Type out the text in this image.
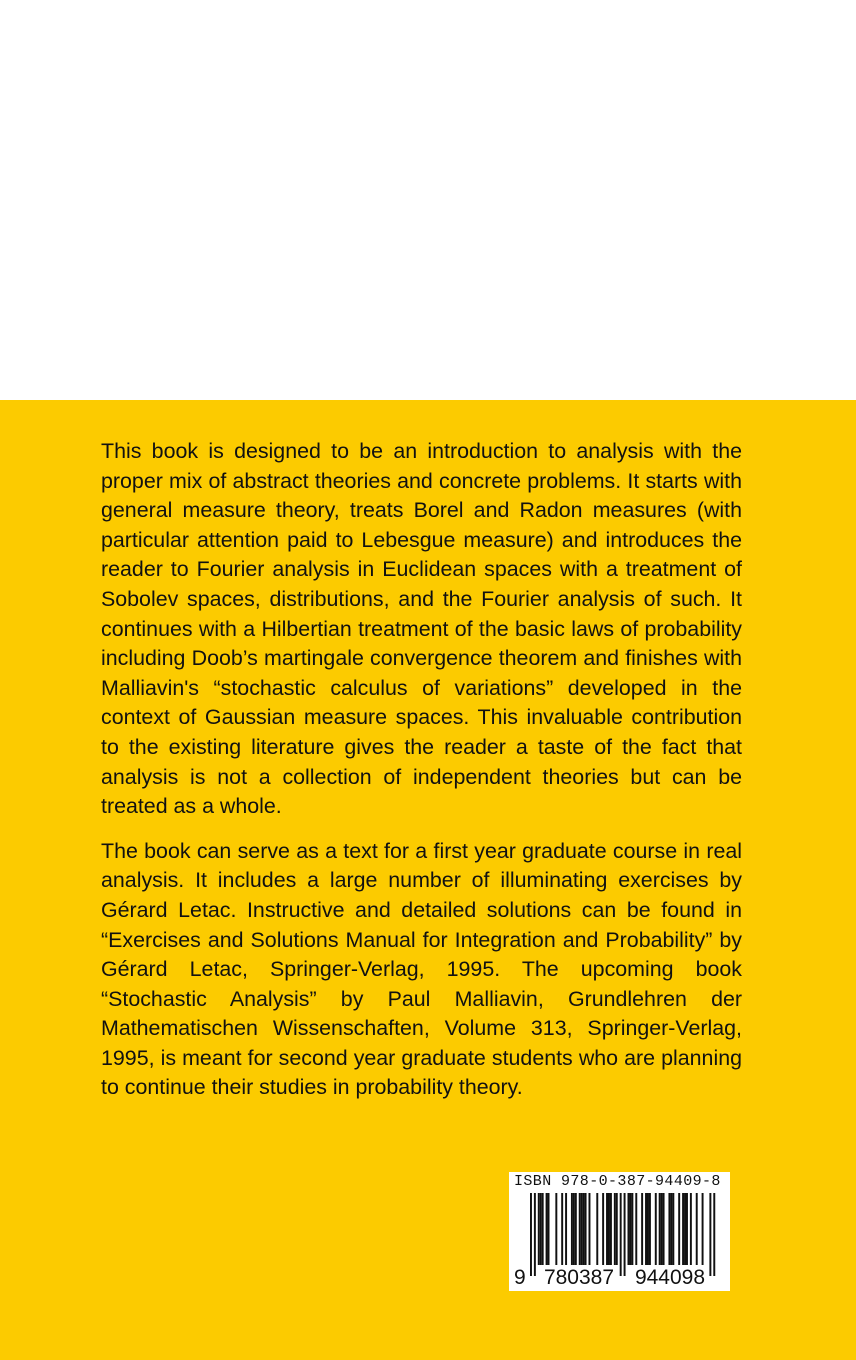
This book is designed to be an introduction to analysis with the proper mix of abstract theories and concrete problems. It starts with general measure theory, treats Borel and Radon measures (with particular attention paid to Lebesgue measure) and introduces the reader to Fourier analysis in Euclidean spaces with a treatment of Sobolev spaces, distributions, and the Fourier analysis of such. It continues with a Hilbertian treatment of the basic laws of probability including Doob’s martingale convergence theorem and finishes with Malliavin's “stochastic calculus of variations” developed in the context of Gaussian measure spaces. This invaluable contribution to the existing literature gives the reader a taste of the fact that analysis is not a collection of independent theories but can be treated as a whole.

The book can serve as a text for a first year graduate course in real analysis. It includes a large number of illuminating exercises by Gérard Letac. Instructive and detailed solutions can be found in “Exercises and Solutions Manual for Integration and Probability” by Gérard Letac, Springer-Verlag, 1995. The upcoming book “Stochastic Analysis” by Paul Malliavin, Grundlehren der Mathematischen Wissenschaften, Volume 313, Springer-Verlag, 1995, is meant for second year graduate students who are planning to continue their studies in probability theory.

ISBN 978-0-387-94409-8
9 780387 944098
